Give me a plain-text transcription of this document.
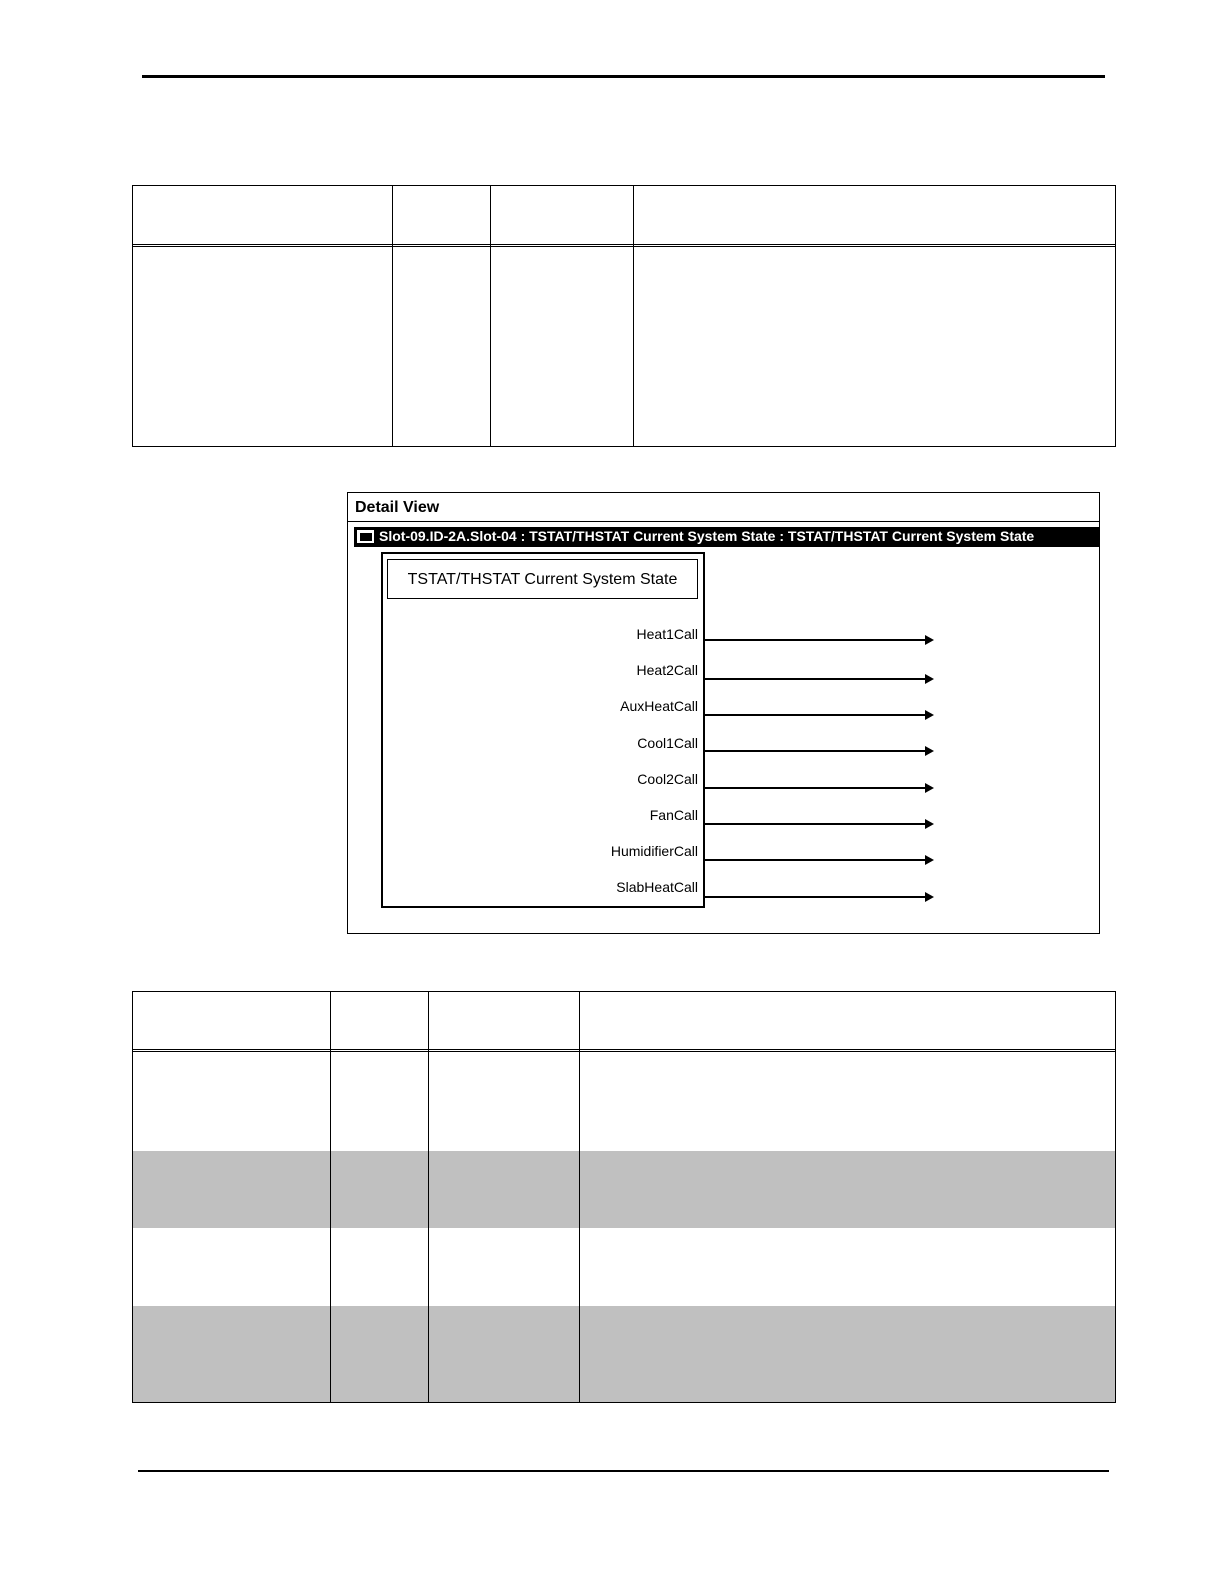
Detail View
Slot-09.ID-2A.Slot-04 : TSTAT/THSTAT Current System State : TSTAT/THSTAT Current System State
TSTAT/THSTAT Current System State
Heat1Call
Heat2Call
AuxHeatCall
Cool1Call
Cool2Call
FanCall
HumidifierCall
SlabHeatCall
